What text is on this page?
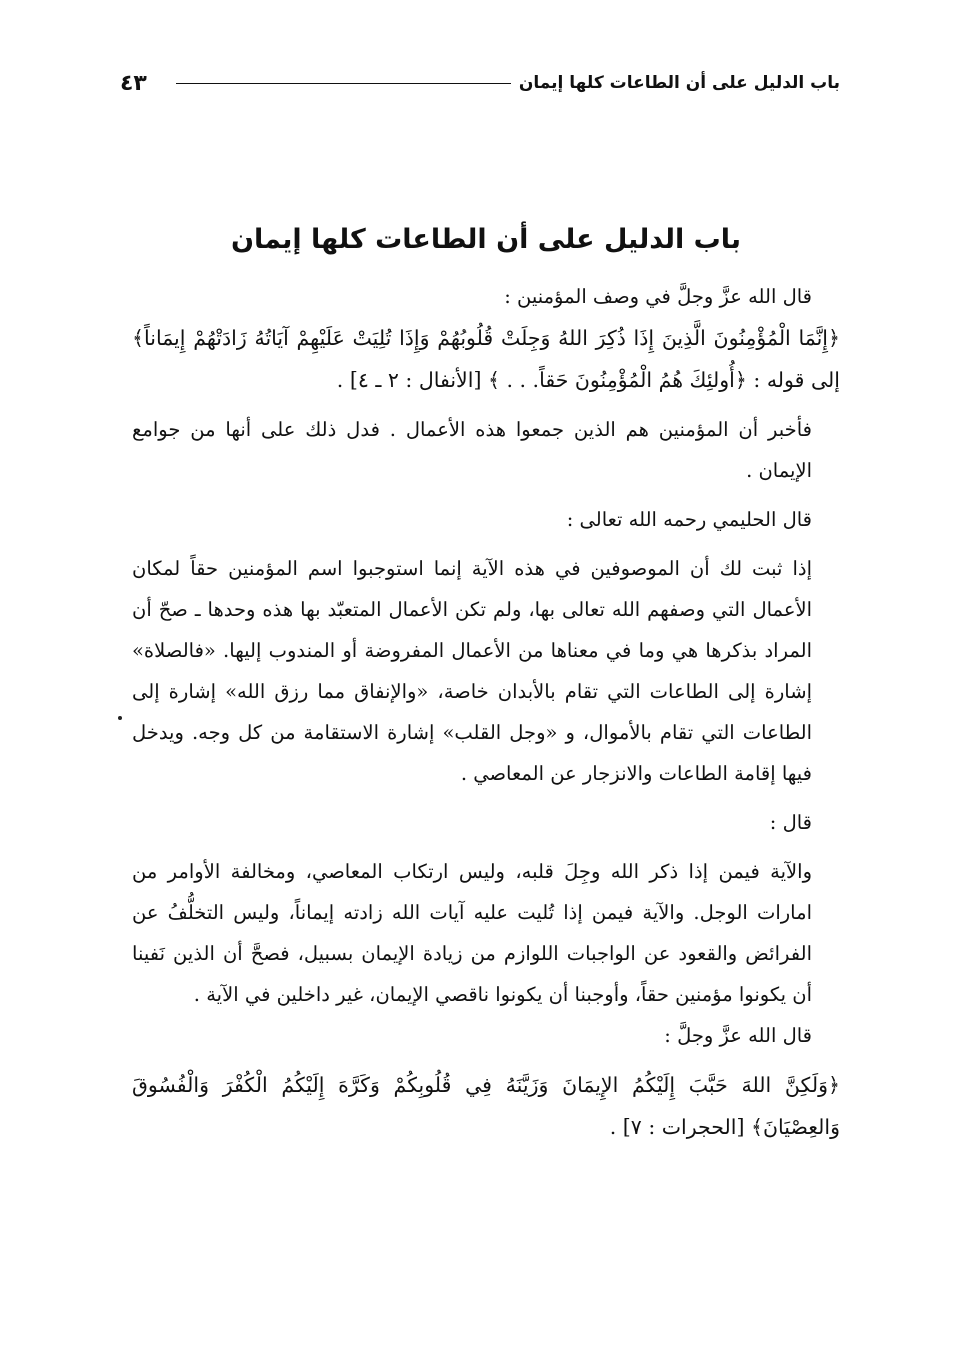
٤٣	باب الدليل على أن الطاعات كلها إيمان
باب الدليل على أن الطاعات كلها إيمان

قال الله عزَّ وجلَّ في وصف المؤمنين :

﴿إِنَّمَا الْمُؤْمِنُونَ الَّذِينَ إِذَا ذُكِرَ اللهُ وَجِلَتْ قُلُوبُهُمْ وَإِذَا تُلِيَتْ عَلَيْهِمْ آيَاتُهُ زَادَتْهُمْ إِيمَاناً﴾ إلى قوله : ﴿أُولئِكَ هُمُ الْمُؤْمِنُونَ حَقاً. . . ﴾ [الأنفال : ٢ ـ ٤] .

فأخبر أن المؤمنين هم الذين جمعوا هذه الأعمال . فدل ذلك على أنها من جوامع الإيمان .

قال الحليمي رحمه الله تعالى :

إذا ثبت لك أن الموصوفين في هذه الآية إنما استوجبوا اسم المؤمنين حقاً لمكان الأعمال التي وصفهم الله تعالى بها، ولم تكن الأعمال المتعبّد بها هذه وحدها ـ صحّ أن المراد بذكرها هي وما في معناها من الأعمال المفروضة أو المندوب إليها. «فالصلاة» إشارة إلى الطاعات التي تقام بالأبدان خاصة، «والإنفاق مما رزق الله» إشارة إلى الطاعات التي تقام بالأموال، و «وجل القلب» إشارة الاستقامة من كل وجه. ويدخل فيها إقامة الطاعات والانزجار عن المعاصي .

قال :

والآية فيمن إذا ذكر الله وجِلَ قلبه، وليس ارتكاب المعاصي، ومخالفة الأوامر من امارات الوجل. والآية فيمن إذا تُليت عليه آيات الله زادته إيماناً، وليس التخلُّفُ عن الفرائض والقعود عن الواجبات اللوازم من زيادة الإيمان بسبيل، فصحَّ أن الذين نَفينا أن يكونوا مؤمنين حقاً، وأوجبنا أن يكونوا ناقصي الإيمان، غير داخلين في الآية .

قال الله عزَّ وجلَّ :

﴿وَلَكِنَّ اللهَ حَبَّبَ إِلَيْكُمُ الإِيمَانَ وَزَيَّنَهُ فِي قُلُوبِكُمْ وَكَرَّهَ إِلَيْكُمُ الْكُفْرَ وَالْفُسُوقَ وَالعِصْيَانَ﴾ [الحجرات : ٧] .
